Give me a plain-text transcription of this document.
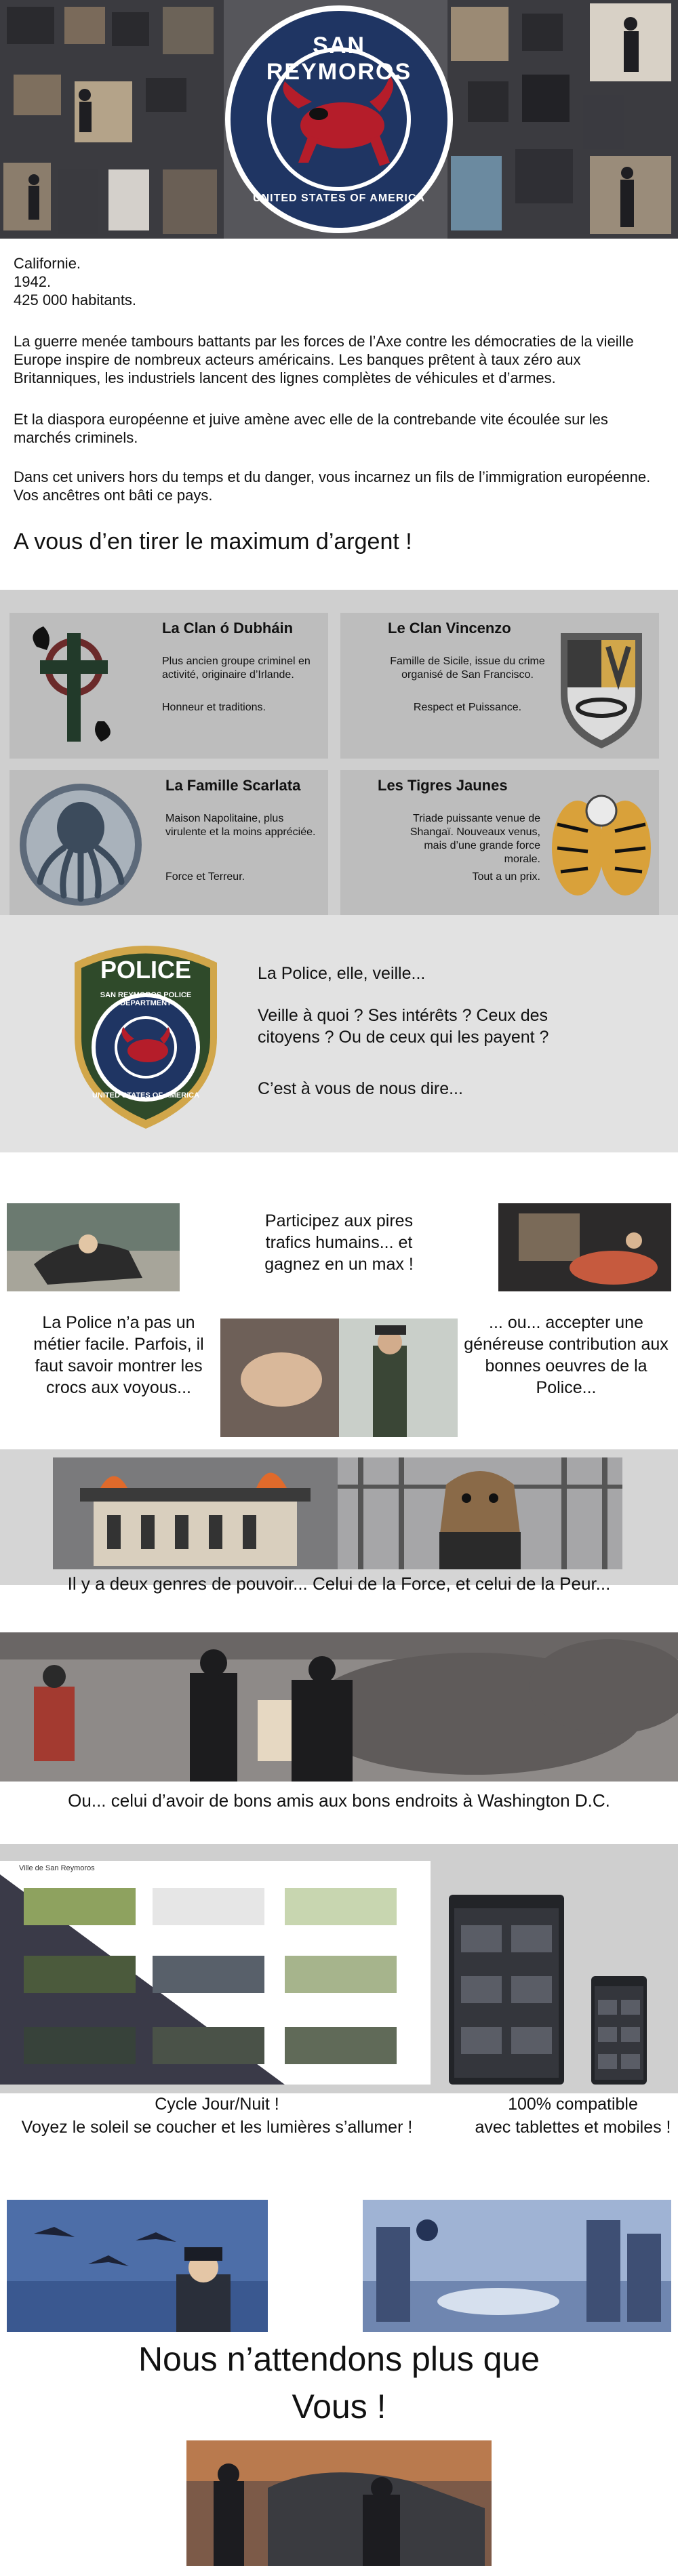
SAN REYMOROS
UNITED STATES OF AMERICA

Californie.

1942.

425 000 habitants.

La guerre menée tambours battants par les forces de l’Axe contre les démocraties de la vieille Europe inspire de nombreux acteurs américains. Les banques prêtent à taux zéro aux Britanniques, les industriels lancent des lignes complètes de véhicules et d’armes.

Et la diaspora européenne et juive amène avec elle de la contrebande vite écoulée sur les marchés criminels.

Dans cet univers hors du temps et du danger, vous incarnez un fils de l’immigration européenne. Vos ancêtres ont bâti ce pays.

A vous d’en tirer le maximum d’argent !
La Clan ó Dubháin

Plus ancien groupe criminel en activité, originaire d’Irlande.

Honneur et traditions.

Le Clan Vincenzo

Famille de Sicile, issue du crime organisé de San Francisco.

Respect et Puissance.

La Famille Scarlata

Maison Napolitaine, plus virulente et la moins appréciée.

Force et Terreur.

Les Tigres Jaunes

Triade puissante venue de Shangaï. Nouveaux venus, mais d’une grande force morale.

Tout a un prix.

POLICE
SAN REYMOROS POLICE DEPARTMENT
UNITED STATES OF AMERICA

La Police, elle, veille...

Veille à quoi ? Ses intérêts ? Ceux des citoyens ? Ou de ceux qui les payent ?

C’est à vous de nous dire...

Participez aux pires trafics humains... et gagnez en un max !
La Police n’a pas un métier facile. Parfois, il faut savoir montrer les crocs aux voyous...
... ou... accepter une généreuse contribution aux bonnes oeuvres de la Police...
Il y a deux genres de pouvoir... Celui de la Force, et celui de la Peur...
Ou... celui d’avoir de bons amis aux bons endroits à Washington D.C.
Ville de San Reymoros
Cycle Jour/Nuit !
Voyez le soleil se coucher et les lumières s’allumer !
100% compatible
avec tablettes et mobiles !
Nous n’attendons plus que
Vous !
